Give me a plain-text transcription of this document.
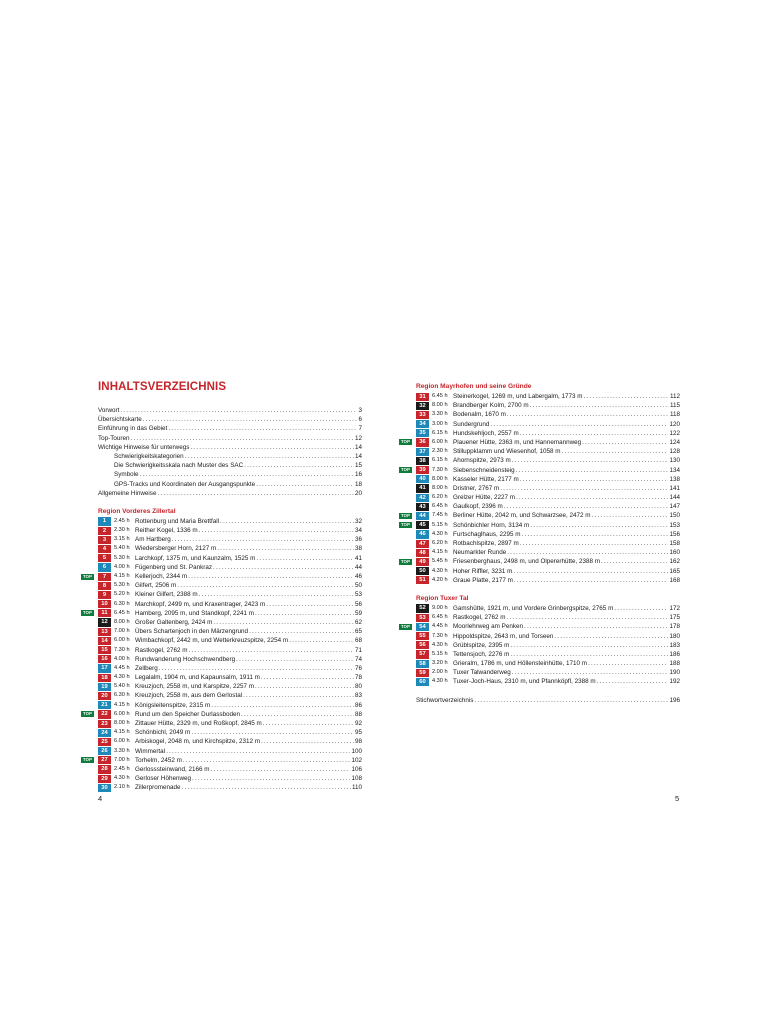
INHALTSVERZEICHNIS
Vorwort .....	3
Übersichtskarte .....	6
Einführung in das Gebiet .....	7
Top-Touren .....	12
Wichtige Hinweise für unterwegs .....	14
Schwierigkeitskategorien .....	14
Die Schwierigkeitsskala nach Muster des SAC .....	15
Symbole .....	16
GPS-Tracks und Koordinaten der Ausgangspunkte .....	18
Allgemeine Hinweise .....	20
Region Vorderes Zillertal
1	2.45 h Rottenburg und Maria Brettfall .....	32
2	2.30 h Reither Kogel, 1336 m .....	34
3	3.15 h Am Hartberg .....	36
4	5.40 h Wiedersberger Horn, 2127 m .....	38
5	5.30 h Larchkopf, 1375 m, und Kaunzalm, 1525 m .....	41
6	4.00 h Fügenberg und St. Pankraz .....	44
TOP	7	4.15 h Kellerjoch, 2344 m .....	46
8	5.30 h Gilfert, 2506 m .....	50
9	5.20 h Kleiner Gilfert, 2388 m .....	53
10	6.30 h Marchkopf, 2499 m, und Kraxentrager, 2423 m .....	56
TOP	11	6.45 h Hamberg, 2095 m, und Standkopf, 2241 m .....	59
12	8.00 h Großer Galtenberg, 2424 m .....	62
13	7.00 h Übers Schartenjoch in den Märzengrund .....	65
14	6.00 h Wimbachkopf, 2442 m, und Wetterkreuzspitze, 2254 m .....	68
15	7.30 h Rastkogel, 2762 m .....	71
16	4.00 h Rundwanderung Hochschwendberg .....	74
17	4.45 h Zellberg .....	76
18	4.30 h Legalalm, 1904 m, und Kapaunsalm, 1911 m .....	78
19	5.40 h Kreuzjoch, 2558 m, und Karspitze, 2257 m .....	80
20	6.30 h Kreuzjoch, 2558 m, aus dem Gerlostal .....	83
21	4.15 h Königsleitenspitze, 2315 m .....	86
TOP	22	6.00 h Rund um den Speicher Durlassboden .....	88
23	8.00 h Zittauer Hütte, 2329 m, und Roßkopf, 2845 m .....	92
24	4.15 h Schönbichl, 2049 m .....	95
25	6.00 h Arbiskogel, 2048 m, und Kirchspitze, 2312 m .....	98
26	3.30 h Wimmertal .....	100
TOP	27	7.00 h Torhelm, 2452 m .....	102
28	2.45 h Gerlosssteinwand, 2166 m .....	106
29	4.30 h Gerloser Höhenweg .....	108
30	2.10 h Zillerpromenade .....	110
Region Mayrhofen und seine Gründe
31	6.45 h Steinerkogel, 1269 m, und Labergalm, 1773 m .....	112
32	8.00 h Brandberger Kolm, 2700 m .....	115
33	3.30 h Bodenalm, 1670 m .....	118
34	3.00 h Sundergrund .....	120
35	6.15 h Hundskehljoch, 2557 m .....	122
TOP	36	6.00 h Plauener Hütte, 2363 m, und Hannemannweg .....	124
37	2.30 h Stilluppklamm und Wiesenhof, 1058 m .....	128
38	6.15 h Ahornspitze, 2973 m .....	130
TOP	39	7.30 h Siebenschneidensteig .....	134
40	8.00 h Kasseler Hütte, 2177 m .....	138
41	8.00 h Dristner, 2767 m .....	141
42	6.20 h Grelzer Hütte, 2227 m .....	144
43	6.45 h Gaulkopf, 2396 m .....	147
TOP	44	7.45 h Berliner Hütte, 2042 m, und Schwarzsee, 2472 m .....	150
TOP	45	5.15 h Schönbichler Horn, 3134 m .....	153
46	4.30 h Furtschaglhaus, 2295 m .....	156
47	6.20 h Rotbachlspitze, 2897 m .....	158
48	4.15 h Neumarkter Runde .....	160
TOP	49	5.45 h Friesenberghaus, 2498 m, und Olpererhütte, 2388 m .....	162
50	4.30 h Hoher Riffler, 3231 m .....	165
51	4.20 h Graue Platte, 2177 m .....	168
Region Tuxer Tal
52	9.00 h Gamshütte, 1921 m, und Vordere Grinbergspitze, 2765 m .....	172
53	6.45 h Rastkogel, 2762 m .....	175
TOP	54	4.45 h Moorlehrweg am Penken .....	178
55	7.30 h Hippoldspitze, 2643 m, und Torseen .....	180
56	4.30 h Grüblspitze, 2395 m .....	183
57	5.15 h Tettensjoch, 2276 m .....	186
58	3.20 h Grieralm, 1786 m, und Höllensteinhütte, 1710 m .....	188
59	2.00 h Tuxer Talwanderweg .....	190
60	4.30 h Tuxer-Joch-Haus, 2310 m, und Pfannköpfl, 2388 m .....	192
Stichwortverzeichnis .....	196
4	5
